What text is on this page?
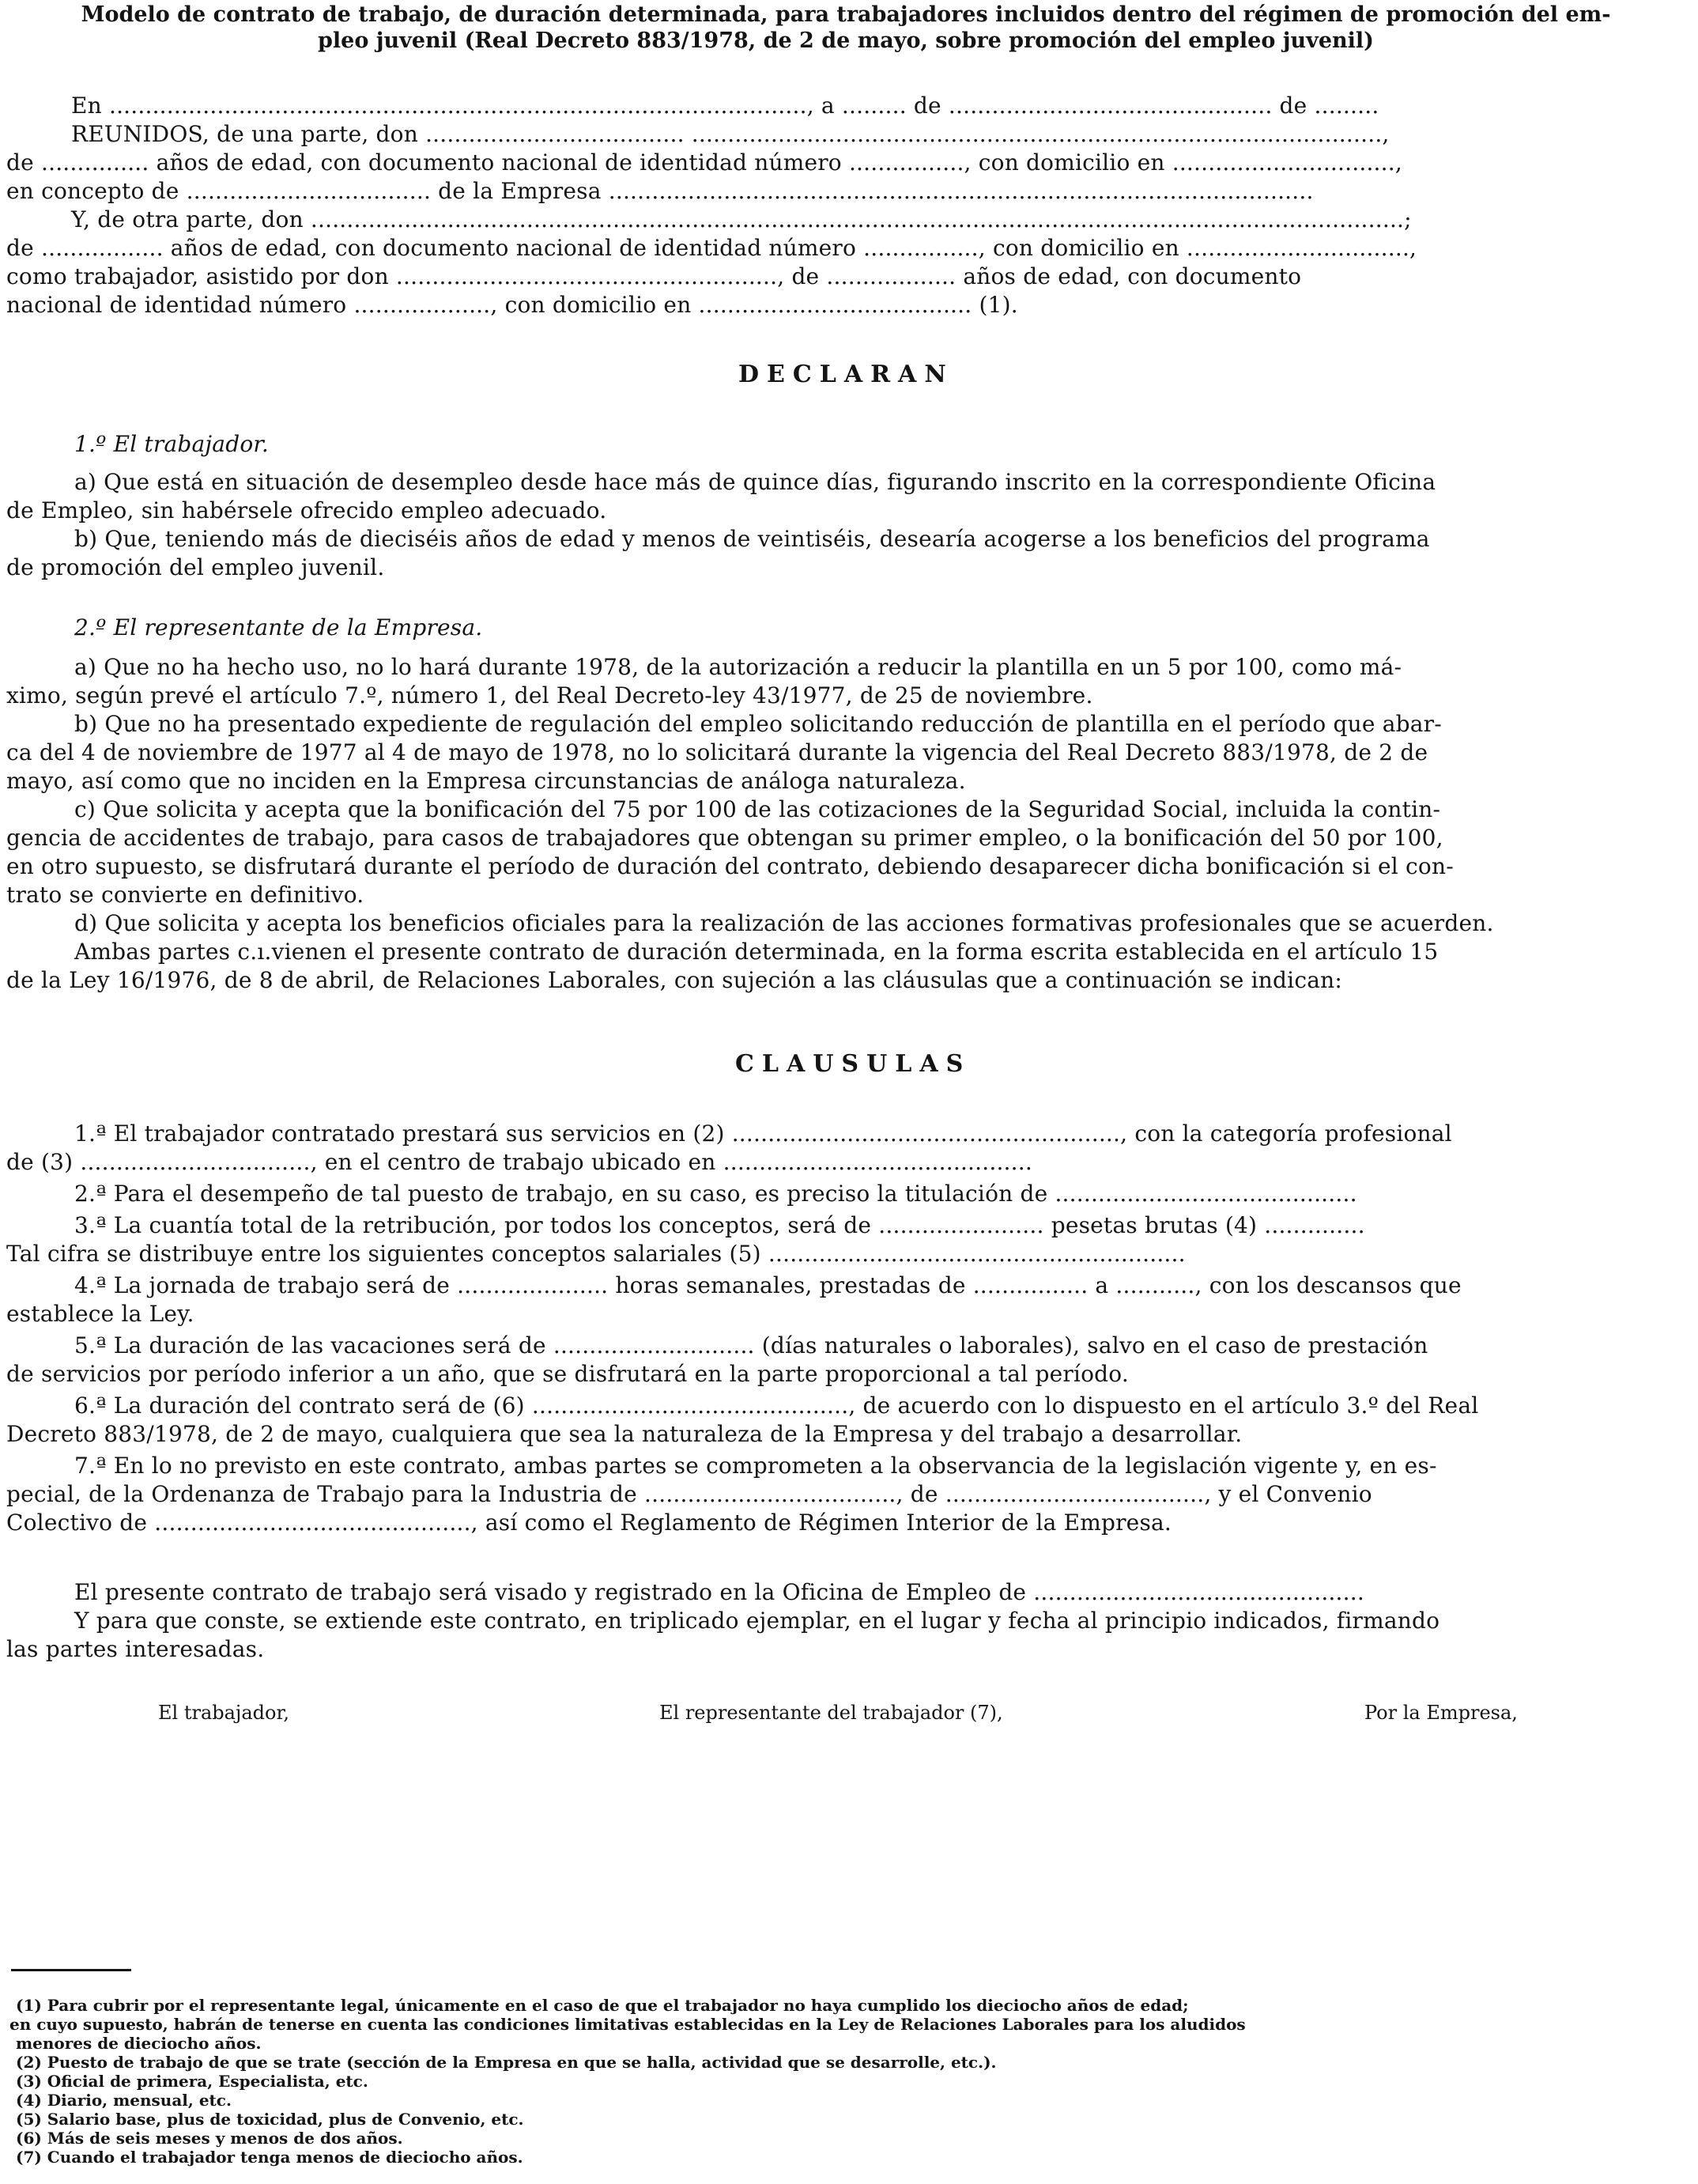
Modelo de contrato de trabajo, de duración determinada, para trabajadores incluidos dentro del régimen de promoción del em-
pleo juvenil (Real Decreto 883/1978, de 2 de mayo, sobre promoción del empleo juvenil)
En ................................................................................................., a ......... de ............................................. de .........
REUNIDOS, de una parte, don .................................... ................................................................................................,
de ............... años de edad, con documento nacional de identidad número ................, con domicilio en ...............................,
en concepto de .................................. de la Empresa ..................................................................................................
Y, de otra parte, don ........................................................................................................................................................;
de ................. años de edad, con documento nacional de identidad número ................, con domicilio en ...............................,
como trabajador, asistido por don ....................................................., de .................. años de edad, con documento
nacional de identidad número ..................., con domicilio en ...................................... (1).
DECLARAN
1.º El trabajador.
a) Que está en situación de desempleo desde hace más de quince días, figurando inscrito en la correspondiente Oficina
de Empleo, sin habérsele ofrecido empleo adecuado.
b) Que, teniendo más de dieciséis años de edad y menos de veintiséis, desearía acogerse a los beneficios del programa
de promoción del empleo juvenil.
2.º El representante de la Empresa.
a) Que no ha hecho uso, no lo hará durante 1978, de la autorización a reducir la plantilla en un 5 por 100, como má-
ximo, según prevé el artículo 7.º, número 1, del Real Decreto-ley 43/1977, de 25 de noviembre.
b) Que no ha presentado expediente de regulación del empleo solicitando reducción de plantilla en el período que abar-
ca del 4 de noviembre de 1977 al 4 de mayo de 1978, no lo solicitará durante la vigencia del Real Decreto 883/1978, de 2 de
mayo, así como que no inciden en la Empresa circunstancias de análoga naturaleza.
c) Que solicita y acepta que la bonificación del 75 por 100 de las cotizaciones de la Seguridad Social, incluida la contin-
gencia de accidentes de trabajo, para casos de trabajadores que obtengan su primer empleo, o la bonificación del 50 por 100,
en otro supuesto, se disfrutará durante el período de duración del contrato, debiendo desaparecer dicha bonificación si el con-
trato se convierte en definitivo.
d) Que solicita y acepta los beneficios oficiales para la realización de las acciones formativas profesionales que se acuerden.
Ambas partes c.ı.vienen el presente contrato de duración determinada, en la forma escrita establecida en el artículo 15
de la Ley 16/1976, de 8 de abril, de Relaciones Laborales, con sujeción a las cláusulas que a continuación se indican:
CLAUSULAS
1.ª El trabajador contratado prestará sus servicios en (2) ......................................................, con la categoría profesional
de (3) ................................, en el centro de trabajo ubicado en ...........................................
2.ª Para el desempeño de tal puesto de trabajo, en su caso, es preciso la titulación de ..........................................
3.ª La cuantía total de la retribución, por todos los conceptos, será de ....................... pesetas brutas (4) ..............
Tal cifra se distribuye entre los siguientes conceptos salariales (5) ..........................................................
4.ª La jornada de trabajo será de ..................... horas semanales, prestadas de ................ a ..........., con los descansos que
establece la Ley.
5.ª La duración de las vacaciones será de ............................ (días naturales o laborales), salvo en el caso de prestación
de servicios por período inferior a un año, que se disfrutará en la parte proporcional a tal período.
6.ª La duración del contrato será de (6) ............................................, de acuerdo con lo dispuesto en el artículo 3.º del Real
Decreto 883/1978, de 2 de mayo, cualquiera que sea la naturaleza de la Empresa y del trabajo a desarrollar.
7.ª En lo no previsto en este contrato, ambas partes se comprometen a la observancia de la legislación vigente y, en es-
pecial, de la Ordenanza de Trabajo para la Industria de ..................................., de ...................................., y el Convenio
Colectivo de ............................................, así como el Reglamento de Régimen Interior de la Empresa.
El presente contrato de trabajo será visado y registrado en la Oficina de Empleo de ..............................................
Y para que conste, se extiende este contrato, en triplicado ejemplar, en el lugar y fecha al principio indicados, firmando
las partes interesadas.
El trabajador,	El representante del trabajador (7),	Por la Empresa,
(1) Para cubrir por el representante legal, únicamente en el caso de que el trabajador no haya cumplido los dieciocho años de edad;
en cuyo supuesto, habrán de tenerse en cuenta las condiciones limitativas establecidas en la Ley de Relaciones Laborales para los aludidos
menores de dieciocho años.
(2) Puesto de trabajo de que se trate (sección de la Empresa en que se halla, actividad que se desarrolle, etc.).
(3) Oficial de primera, Especialista, etc.
(4) Diario, mensual, etc.
(5) Salario base, plus de toxicidad, plus de Convenio, etc.
(6) Más de seis meses y menos de dos años.
(7) Cuando el trabajador tenga menos de dieciocho años.
